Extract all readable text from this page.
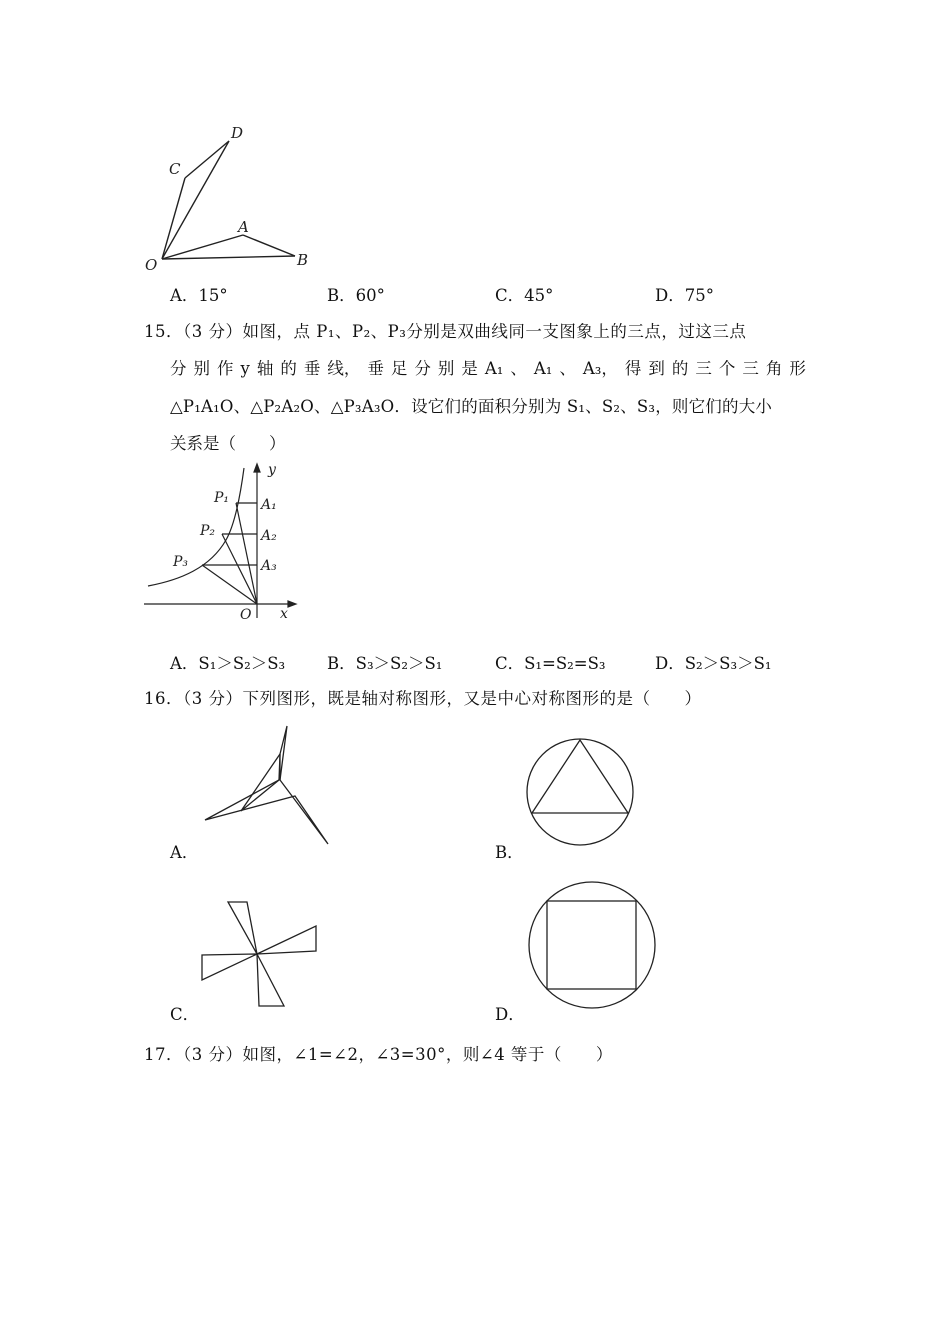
D
C
A
O	B
A．15°	B．60°	C．45°	D．75°
15．（3 分）如图，点 P₁、P₂、P₃分别是双曲线同一支图象上的三点，过这三点
分 别 作 y 轴 的 垂 线， 垂 足 分 别 是 A₁ 、 A₁ 、 A₃， 得 到 的 三 个 三 角 形
△P₁A₁O、△P₂A₂O、△P₃A₃O．设它们的面积分别为 S₁、S₂、S₃，则它们的大小
关系是（　　）
y
x
O
P₁
P₂
P₃
A₁
A₂
A₃
A．S₁＞S₂＞S₃	B．S₃＞S₂＞S₁	C．S₁=S₂=S₃	D．S₂＞S₃＞S₁
16．（3 分）下列图形，既是轴对称图形，又是中心对称图形的是（　　）
A．	B．
C．	D．
17．（3 分）如图，∠1=∠2，∠3=30°，则∠4 等于（　　）
